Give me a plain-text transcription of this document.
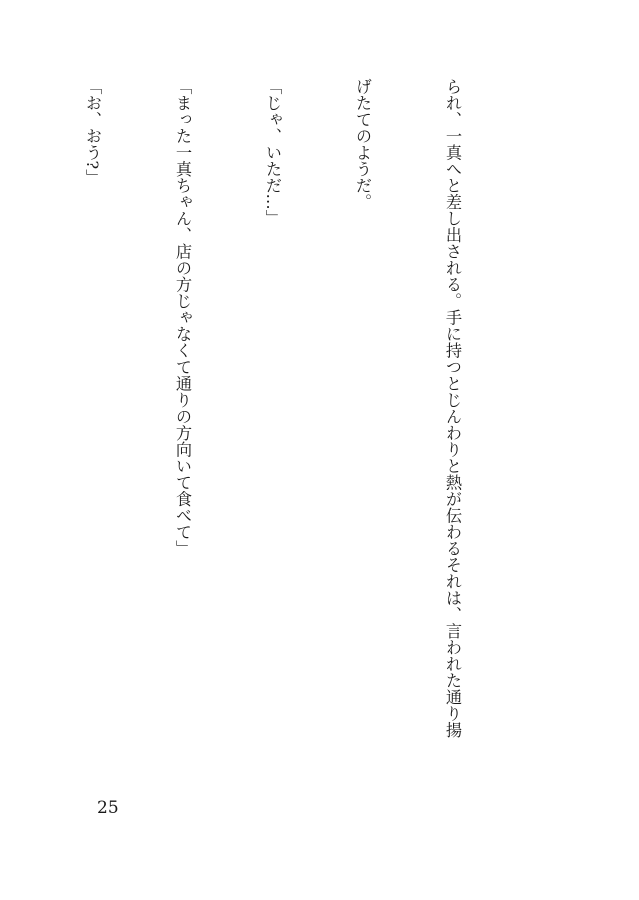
られ、一真へと差し出される。手に持つとじんわりと熱が伝わるそれは、言われた通り揚

げたてのようだ。

「じゃ、いただ…」

「まった一真ちゃん、店の方じゃなくて通りの方向いて食べて」

「お、おう?」

25
